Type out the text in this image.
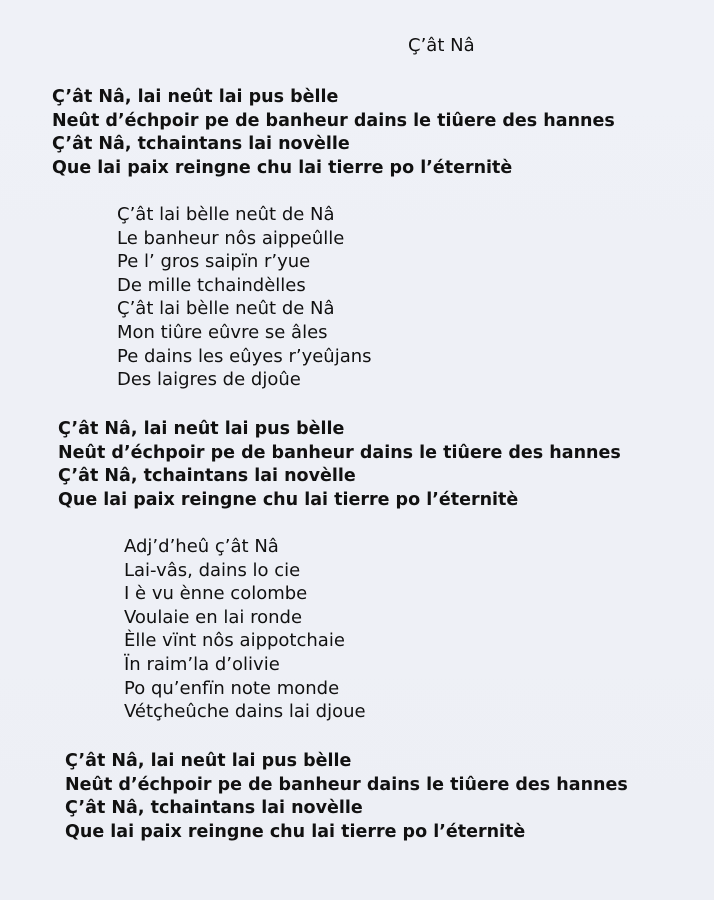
Ç’ât Nâ
Ç’ât Nâ, lai neût lai pus bèlle
Neût d’échpoir pe de banheur dains le tiûere des hannes
Ç’ât Nâ, tchaintans lai novèlle
Que lai paix reingne chu lai tierre po l’éternitè
Ç’ât lai bèlle neût de Nâ
Le banheur nôs aippeûlle
Pe l’ gros saipïn r’yue
De mille tchaindèlles
Ç’ât lai bèlle neût de Nâ
Mon tiûre eûvre se âles
Pe dains les eûyes r’yeûjans
Des laigres de djoûe
Ç’ât Nâ, lai neût lai pus bèlle
Neût d’échpoir pe de banheur dains le tiûere des hannes
Ç’ât Nâ, tchaintans lai novèlle
Que lai paix reingne chu lai tierre po l’éternitè
Adj’d’heû ç’ât Nâ
Lai-vâs, dains lo cie
I è vu ènne colombe
Voulaie en lai ronde
Èlle vïnt nôs aippotchaie
Ïn raim’la d’olivie
Po qu’enfïn note monde
Vétçheûche dains lai djoue
Ç’ât Nâ, lai neût lai pus bèlle
Neût d’échpoir pe de banheur dains le tiûere des hannes
Ç’ât Nâ, tchaintans lai novèlle
Que lai paix reingne chu lai tierre po l’éternitè
